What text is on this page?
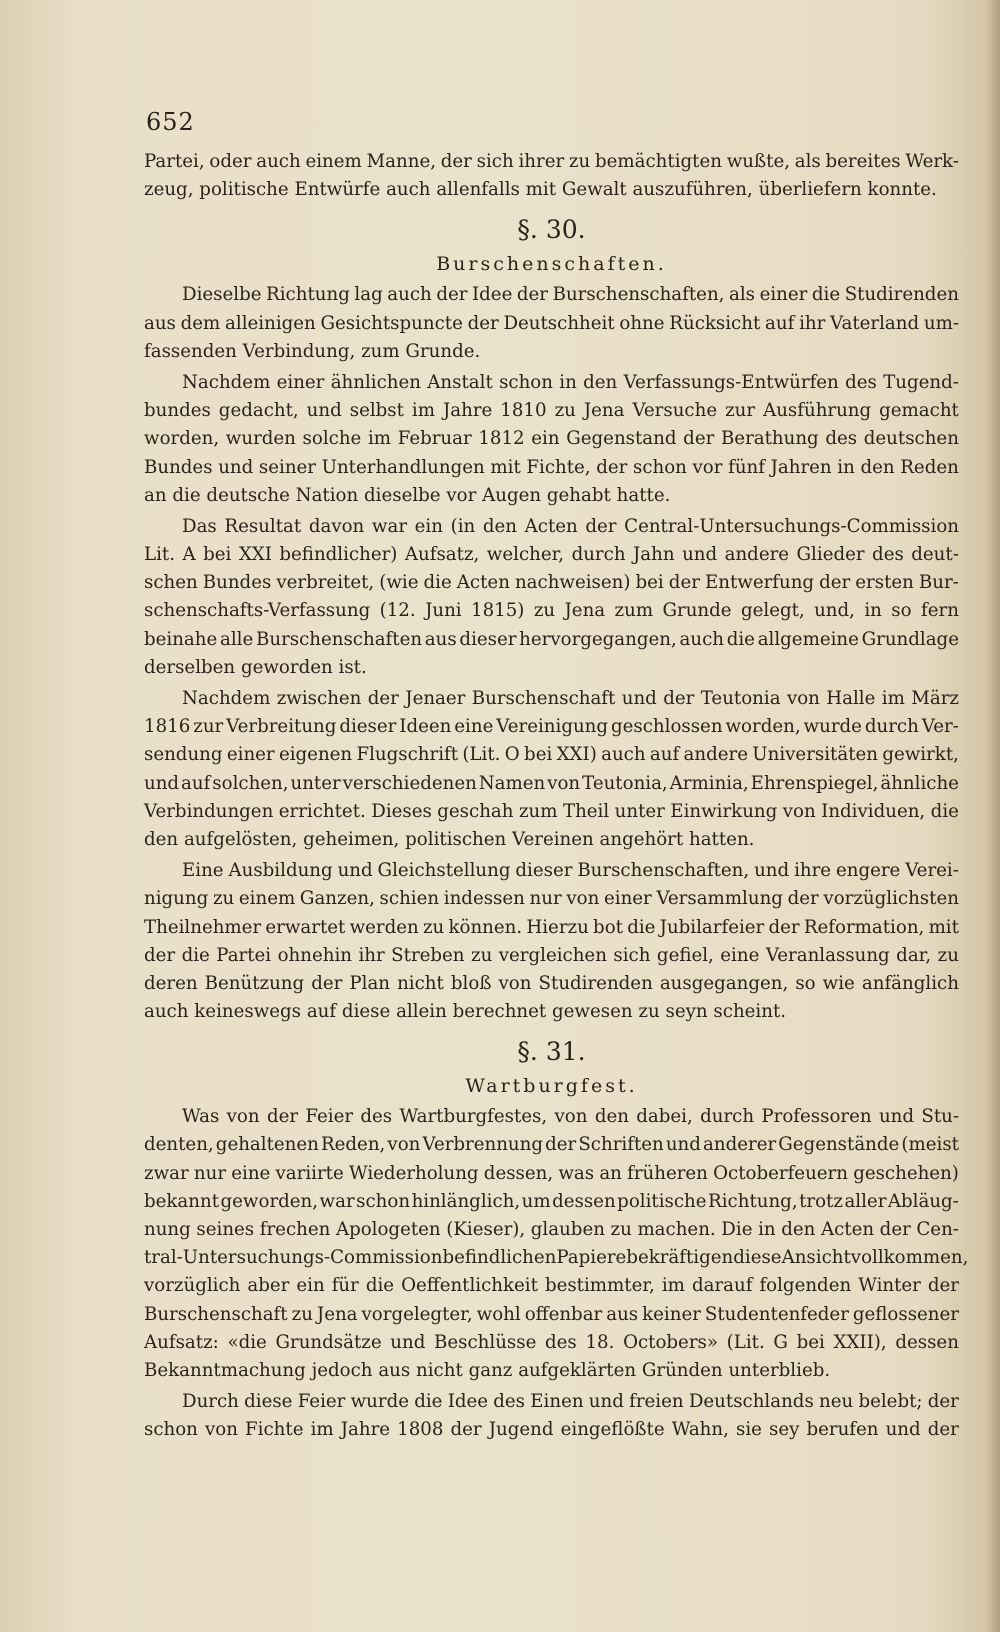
652
Partei, oder auch einem Manne, der sich ihrer zu bemächtigten wußte, als bereites Werk-
zeug, politische Entwürfe auch allenfalls mit Gewalt auszuführen, überliefern konnte.
§. 30.
Burschenschaften.
Dieselbe Richtung lag auch der Idee der Burschenschaften, als einer die Studirenden
aus dem alleinigen Gesichtspuncte der Deutschheit ohne Rücksicht auf ihr Vaterland um-
fassenden Verbindung, zum Grunde.
Nachdem einer ähnlichen Anstalt schon in den Verfassungs-Entwürfen des Tugend-
bundes gedacht, und selbst im Jahre 1810 zu Jena Versuche zur Ausführung gemacht
worden, wurden solche im Februar 1812 ein Gegenstand der Berathung des deutschen
Bundes und seiner Unterhandlungen mit Fichte, der schon vor fünf Jahren in den Reden
an die deutsche Nation dieselbe vor Augen gehabt hatte.
Das Resultat davon war ein (in den Acten der Central-Untersuchungs-Commission
Lit. A bei XXI befindlicher) Aufsatz, welcher, durch Jahn und andere Glieder des deut-
schen Bundes verbreitet, (wie die Acten nachweisen) bei der Entwerfung der ersten Bur-
schenschafts-Verfassung (12. Juni 1815) zu Jena zum Grunde gelegt, und, in so fern
beinahe alle Burschenschaften aus dieser hervorgegangen, auch die allgemeine Grundlage
derselben geworden ist.
Nachdem zwischen der Jenaer Burschenschaft und der Teutonia von Halle im März
1816 zur Verbreitung dieser Ideen eine Vereinigung geschlossen worden, wurde durch Ver-
sendung einer eigenen Flugschrift (Lit. O bei XXI) auch auf andere Universitäten gewirkt,
und auf solchen, unter verschiedenen Namen von Teutonia, Arminia, Ehrenspiegel, ähnliche
Verbindungen errichtet. Dieses geschah zum Theil unter Einwirkung von Individuen, die
den aufgelösten, geheimen, politischen Vereinen angehört hatten.
Eine Ausbildung und Gleichstellung dieser Burschenschaften, und ihre engere Verei-
nigung zu einem Ganzen, schien indessen nur von einer Versammlung der vorzüglichsten
Theilnehmer erwartet werden zu können. Hierzu bot die Jubilarfeier der Reformation, mit
der die Partei ohnehin ihr Streben zu vergleichen sich gefiel, eine Veranlassung dar, zu
deren Benützung der Plan nicht bloß von Studirenden ausgegangen, so wie anfänglich
auch keineswegs auf diese allein berechnet gewesen zu seyn scheint.
§. 31.
Wartburgfest.
Was von der Feier des Wartburgfestes, von den dabei, durch Professoren und Stu-
denten, gehaltenen Reden, von Verbrennung der Schriften und anderer Gegenstände (meist
zwar nur eine variirte Wiederholung dessen, was an früheren Octoberfeuern geschehen)
bekannt geworden, war schon hinlänglich, um dessen politische Richtung, trotz aller Abläug-
nung seines frechen Apologeten (Kieser), glauben zu machen. Die in den Acten der Cen-
tral-Untersuchungs-Commission befindlichen Papiere bekräftigen diese Ansicht vollkommen,
vorzüglich aber ein für die Oeffentlichkeit bestimmter, im darauf folgenden Winter der
Burschenschaft zu Jena vorgelegter, wohl offenbar aus keiner Studentenfeder geflossener
Aufsatz: «die Grundsätze und Beschlüsse des 18. Octobers» (Lit. G bei XXII), dessen
Bekanntmachung jedoch aus nicht ganz aufgeklärten Gründen unterblieb.
Durch diese Feier wurde die Idee des Einen und freien Deutschlands neu belebt; der
schon von Fichte im Jahre 1808 der Jugend eingeflößte Wahn, sie sey berufen und der
